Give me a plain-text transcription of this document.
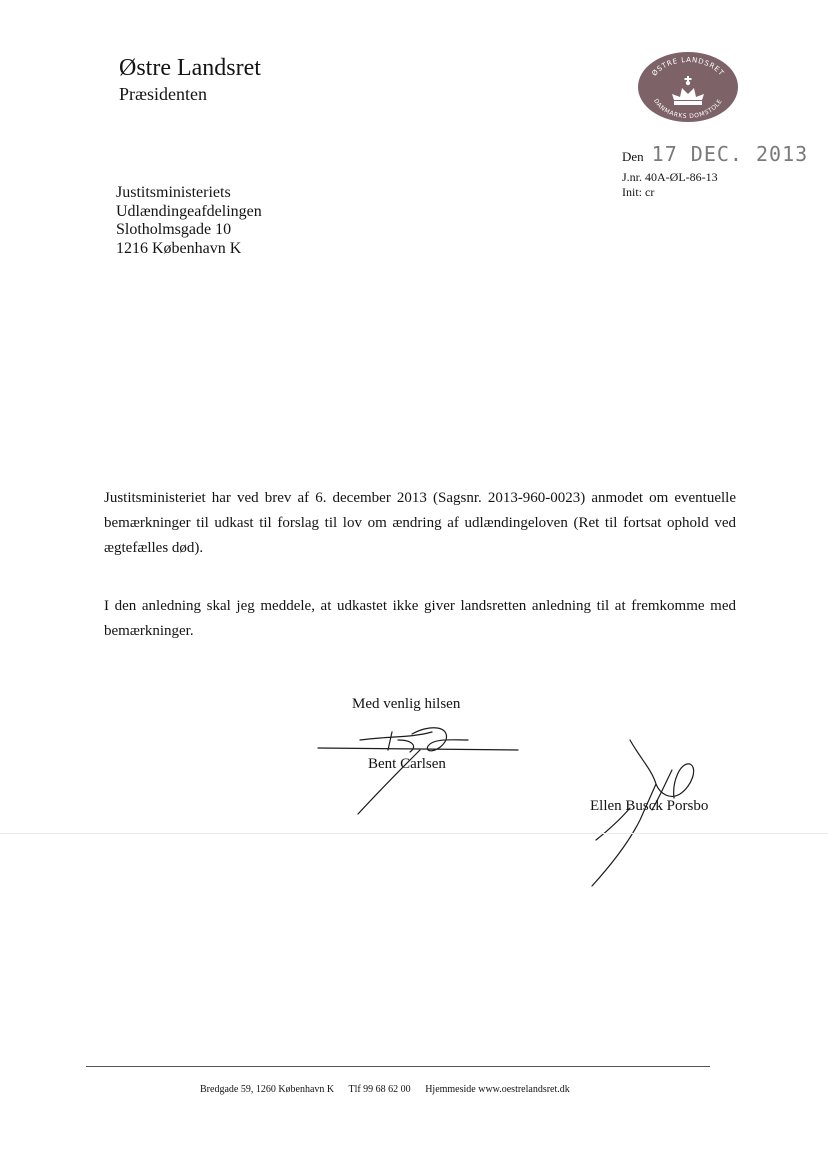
Østre Landsret
Præsidenten
ØSTRE LANDSRET
DANMARKS DOMSTOLE
Den 17 DEC. 2013
J.nr. 40A-ØL-86-13
Init: cr
Justitsministeriets
Udlændingeafdelingen
Slotholmsgade 10
1216 København K
Justitsministeriet har ved brev af 6. december 2013 (Sagsnr. 2013-960-0023) anmodet om eventuelle bemærkninger til udkast til forslag til lov om ændring af udlændingeloven (Ret til fortsat ophold ved ægtefælles død).
I den anledning skal jeg meddele, at udkastet ikke giver landsretten anledning til at fremkomme med bemærkninger.
Med venlig hilsen
Bent Carlsen
Ellen Busck Porsbo
Bredgade 59, 1260 København K Tlf 99 68 62 00 Hjemmeside www.oestrelandsret.dk
